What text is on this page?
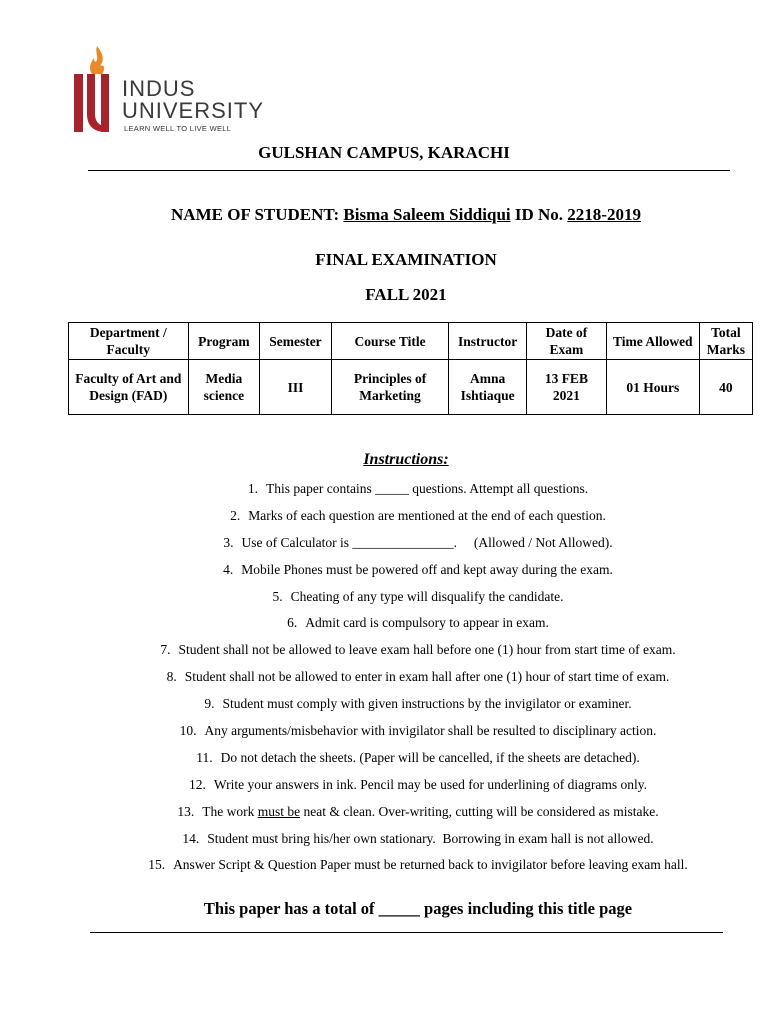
INDUS
UNIVERSITY
LEARN WELL TO LIVE WELL
GULSHAN CAMPUS, KARACHI
NAME OF STUDENT: Bisma Saleem Siddiqui ID No. 2218-2019
FINAL EXAMINATION
FALL 2021
Department / Faculty	Program	Semester	Course Title	Instructor	Date of Exam	Time Allowed	Total Marks
Faculty of Art and Design (FAD)	Media science	III	Principles of Marketing	Amna Ishtiaque	13 FEB 2021	01 Hours	40
Instructions:
1. This paper contains _____ questions. Attempt all questions.
2. Marks of each question are mentioned at the end of each question.
3. Use of Calculator is _______________.     (Allowed / Not Allowed).
4. Mobile Phones must be powered off and kept away during the exam.
5. Cheating of any type will disqualify the candidate.
6. Admit card is compulsory to appear in exam.
7. Student shall not be allowed to leave exam hall before one (1) hour from start time of exam.
8. Student shall not be allowed to enter in exam hall after one (1) hour of start time of exam.
9. Student must comply with given instructions by the invigilator or examiner.
10. Any arguments/misbehavior with invigilator shall be resulted to disciplinary action.
11. Do not detach the sheets. (Paper will be cancelled, if the sheets are detached).
12. Write your answers in ink. Pencil may be used for underlining of diagrams only.
13. The work must be neat & clean. Over-writing, cutting will be considered as mistake.
14. Student must bring his/her own stationary.  Borrowing in exam hall is not allowed.
15. Answer Script & Question Paper must be returned back to invigilator before leaving exam hall.
This paper has a total of _____ pages including this title page
